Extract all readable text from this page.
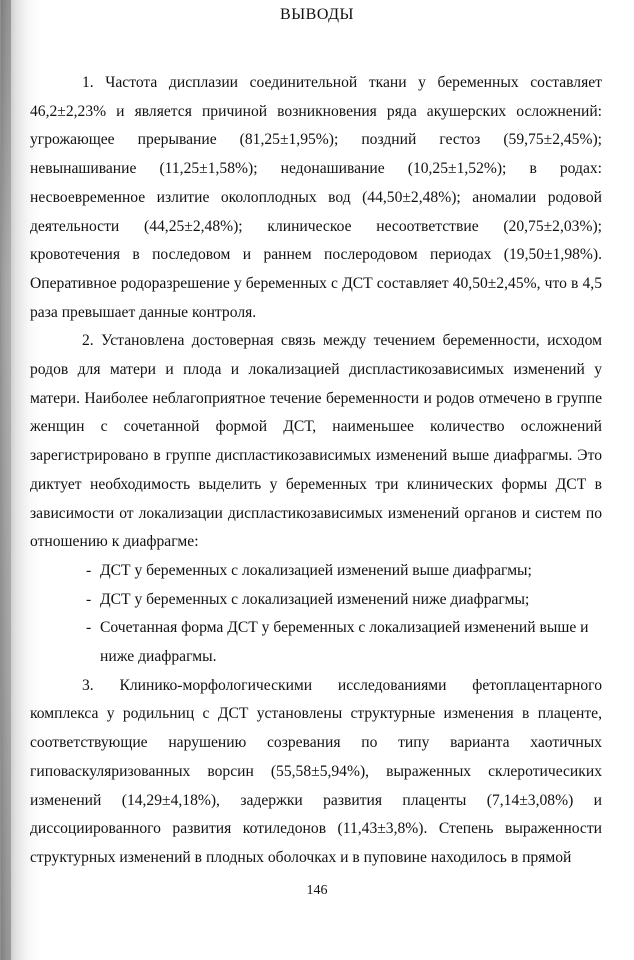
ВЫВОДЫ

1. Частота дисплазии соединительной ткани у беременных составляет 46,2±2,23% и является причиной возникновения ряда акушерских осложнений: угрожающее прерывание (81,25±1,95%); поздний гестоз (59,75±2,45%); невынашивание (11,25±1,58%); недонашивание (10,25±1,52%); в родах: несвоевременное излитие околоплодных вод (44,50±2,48%); аномалии родовой деятельности (44,25±2,48%); клиническое несоответствие (20,75±2,03%); кровотечения в последовом и раннем послеродовом периодах (19,50±1,98%). Оперативное родоразрешение у беременных с ДСТ составляет 40,50±2,45%, что в 4,5 раза превышает данные контроля.

2. Установлена достоверная связь между течением беременности, исходом родов для матери и плода и локализацией диспластикозависимых изменений у матери. Наиболее неблагоприятное течение беременности и родов отмечено в группе женщин с сочетанной формой ДСТ, наименьшее количество осложнений зарегистрировано в группе диспластикозависимых изменений выше диафрагмы. Это диктует необходимость выделить у беременных три клинических формы ДСТ в зависимости от локализации диспластикозависимых изменений органов и систем по отношению к диафрагме:

- ДСТ у беременных с локализацией изменений выше диафрагмы;
- ДСТ у беременных с локализацией изменений ниже диафрагмы;
- Сочетанная форма ДСТ у беременных с локализацией изменений выше и ниже диафрагмы.

3. Клинико-морфологическими исследованиями фетоплацентарного комплекса у родильниц с ДСТ установлены структурные изменения в плаценте, соответствующие нарушению созревания по типу варианта хаотичных гиповаскуляризованных ворсин (55,58±5,94%), выраженных склеротичесиких изменений (14,29±4,18%), задержки развития плаценты (7,14±3,08%) и диссоциированного развития котиледонов (11,43±3,8%). Степень выраженности структурных изменений в плодных оболочках и в пуповине находилось в прямой

146
